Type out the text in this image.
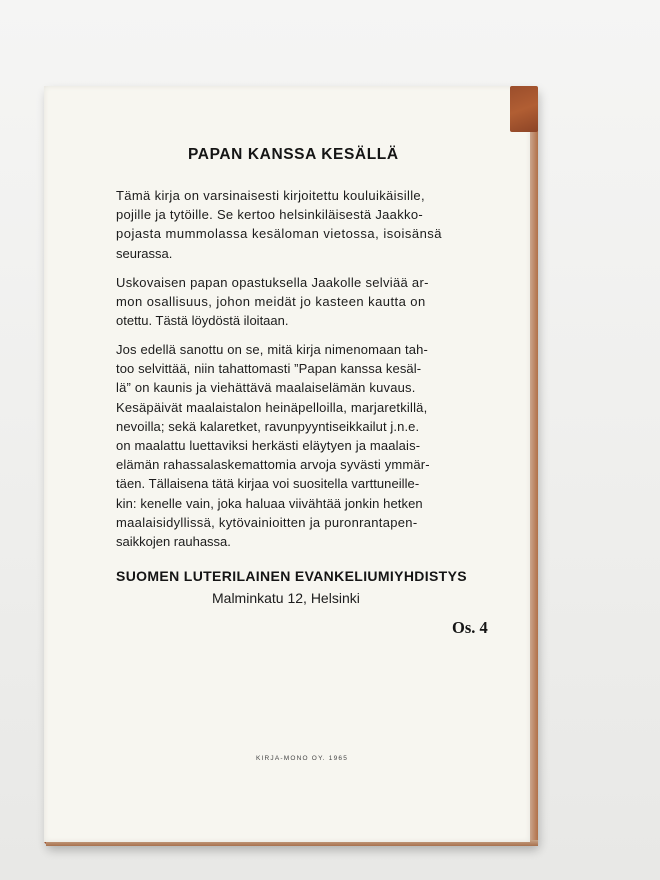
PAPAN KANSSA KESÄLLÄ

Tämä kirja on varsinaisesti kirjoitettu kouluikäisille,
pojille ja tytöille. Se kertoo helsinkiläisestä Jaakko-
pojasta mummolassa kesäloman vietossa, isoisänsä
seurassa.

Uskovaisen papan opastuksella Jaakolle selviää ar-
mon osallisuus, johon meidät jo kasteen kautta on
otettu. Tästä löydöstä iloitaan.

Jos edellä sanottu on se, mitä kirja nimenomaan tah-
too selvittää, niin tahattomasti ”Papan kanssa kesäl-
lä” on kaunis ja viehättävä maalaiselämän kuvaus.
Kesäpäivät maalaistalon heinäpelloilla, marjaretkillä,
nevoilla; sekä kalaretket, ravunpyyntiseikkailut j.n.e.
on maalattu luettaviksi herkästi eläytyen ja maalais-
elämän rahassalaskemattomia arvoja syvästi ymmär-
täen. Tällaisena tätä kirjaa voi suositella varttuneille-
kin: kenelle vain, joka haluaa viivähtää jonkin hetken
maalaisidyllissä, kytövainioitten ja puronrantapen-
saikkojen rauhassa.

SUOMEN LUTERILAINEN EVANKELIUMIYHDISTYS
Malminkatu 12, Helsinki
Os. 4
KIRJA-MONO OY. 1965
